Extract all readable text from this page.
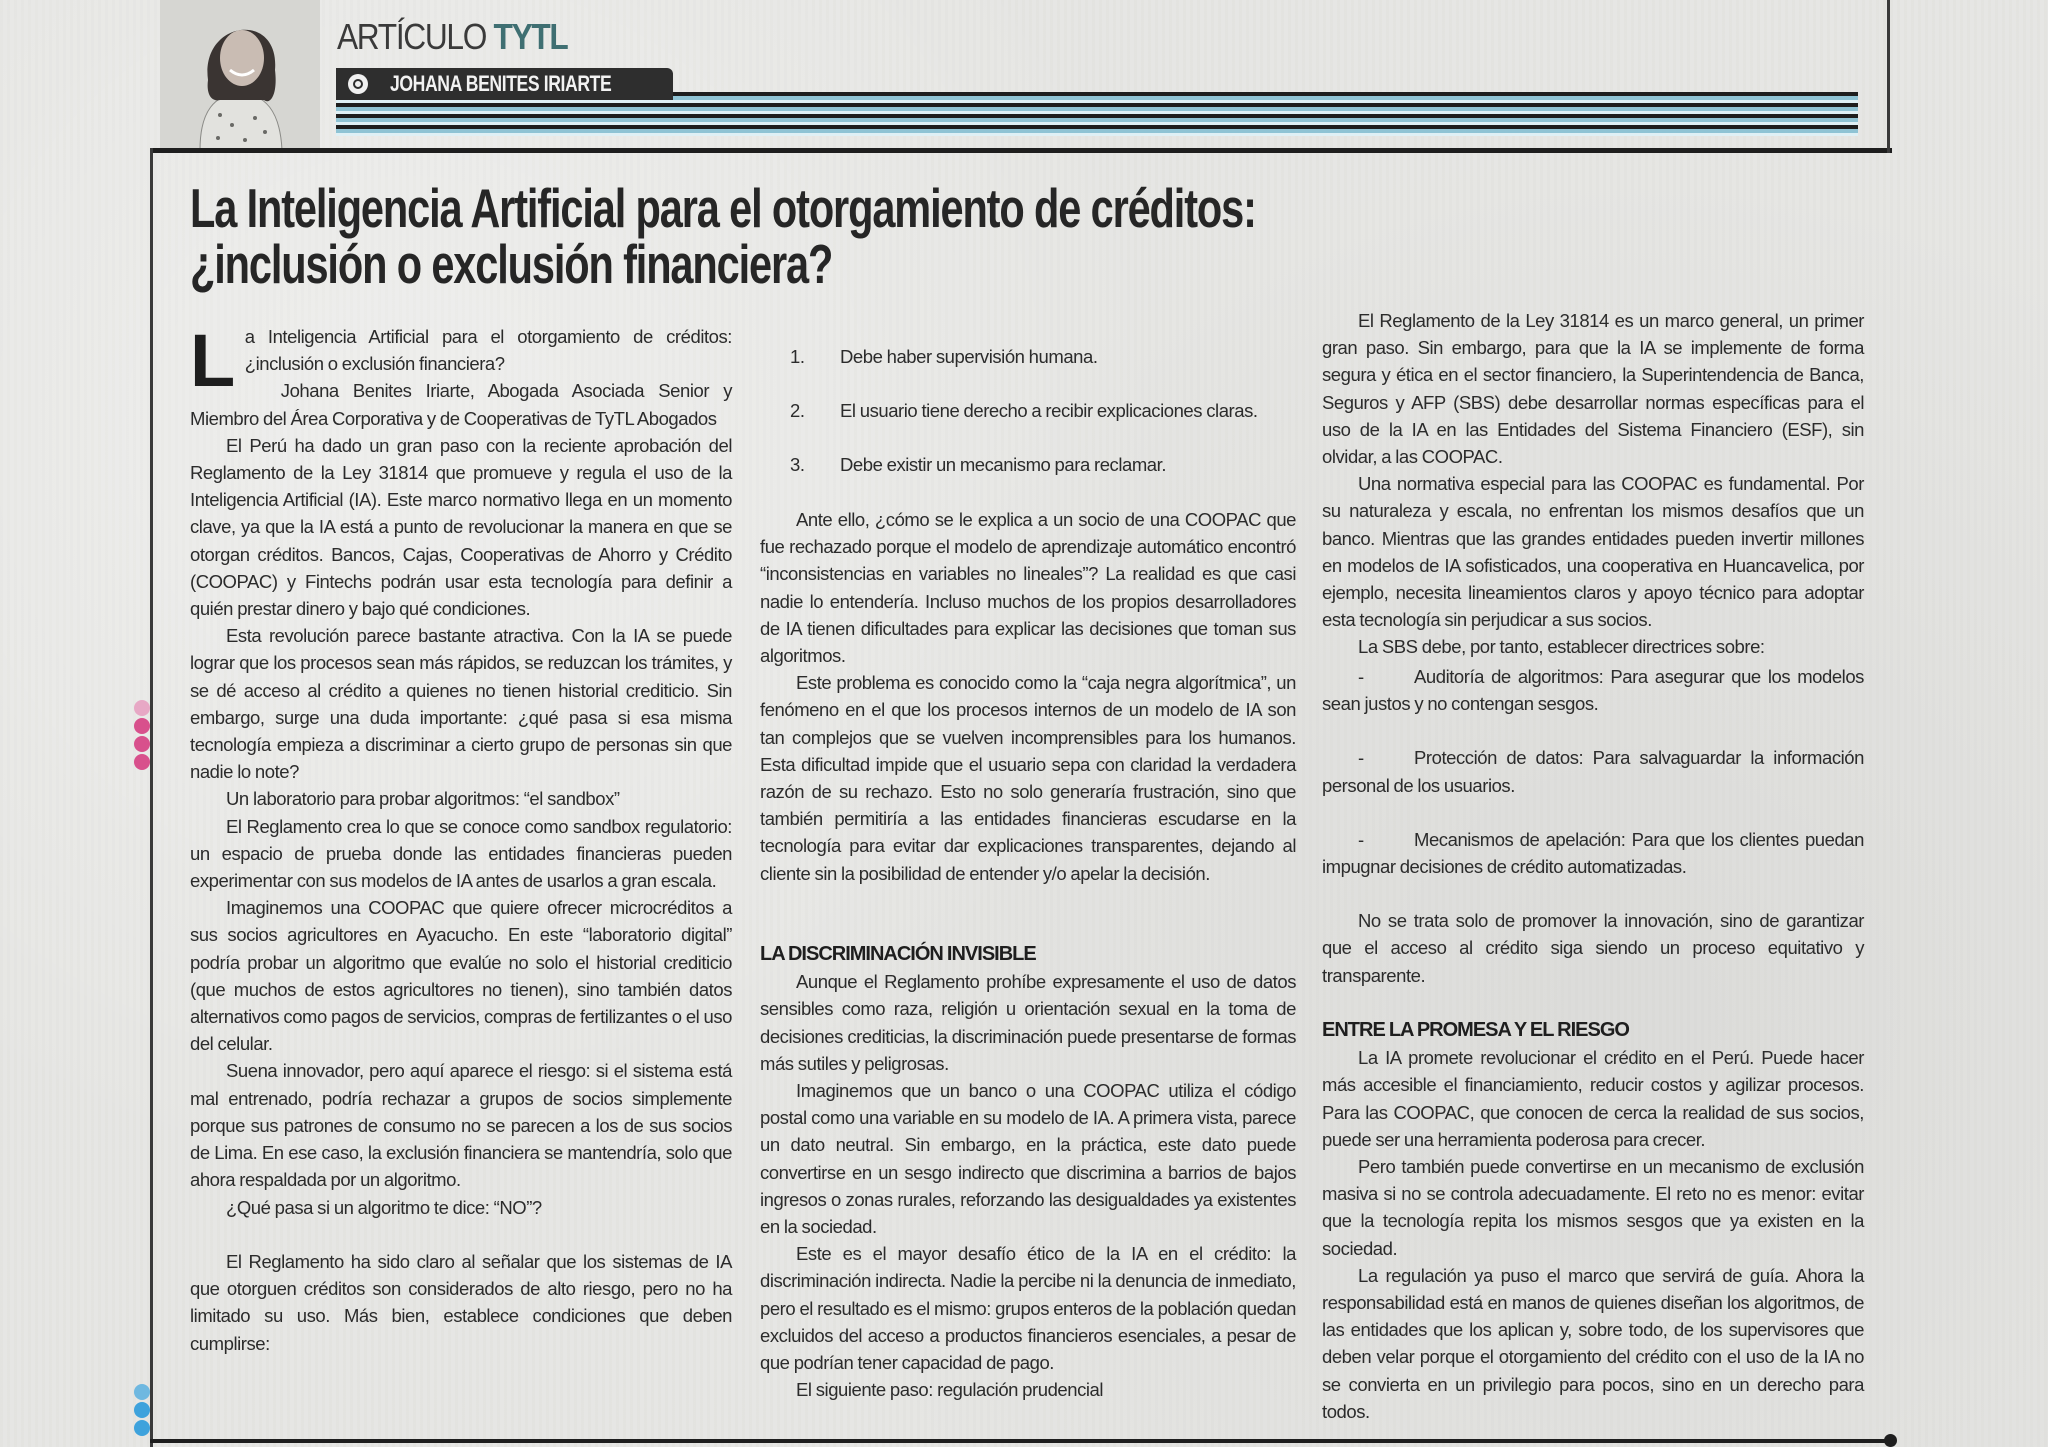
ARTÍCULO TYTL
JOHANA BENITES IRIARTE
La Inteligencia Artificial para el otorgamiento de créditos:
¿inclusión o exclusión financiera?
L a Inteligencia Artificial para el otorgamiento de créditos: ¿inclusión o exclusión financiera?

Johana Benites Iriarte, Abogada Asociada Senior y Miembro del Área Corporativa y de Cooperativas de TyTL Abogados

El Perú ha dado un gran paso con la reciente aprobación del Reglamento de la Ley 31814 que promueve y regula el uso de la Inteligencia Artificial (IA). Este marco normativo llega en un momento clave, ya que la IA está a punto de revolucionar la manera en que se otorgan créditos. Bancos, Cajas, Cooperativas de Ahorro y Crédito (COOPAC) y Fintechs podrán usar esta tecnología para definir a quién prestar dinero y bajo qué condiciones.

Esta revolución parece bastante atractiva. Con la IA se puede lograr que los procesos sean más rápidos, se reduzcan los trámites, y se dé acceso al crédito a quienes no tienen historial crediticio. Sin embargo, surge una duda importante: ¿qué pasa si esa misma tecnología empieza a discriminar a cierto grupo de personas sin que nadie lo note?

Un laboratorio para probar algoritmos: “el sandbox”

El Reglamento crea lo que se conoce como sandbox regulatorio: un espacio de prueba donde las entidades financieras pueden experimentar con sus modelos de IA antes de usarlos a gran escala.

Imaginemos una COOPAC que quiere ofrecer microcréditos a sus socios agricultores en Ayacucho. En este “laboratorio digital” podría probar un algoritmo que evalúe no solo el historial crediticio (que muchos de estos agricultores no tienen), sino también datos alternativos como pagos de servicios, compras de fertilizantes o el uso del celular.

Suena innovador, pero aquí aparece el riesgo: si el sistema está mal entrenado, podría rechazar a grupos de socios simplemente porque sus patrones de consumo no se parecen a los de sus socios de Lima. En ese caso, la exclusión financiera se mantendría, solo que ahora respaldada por un algoritmo.

¿Qué pasa si un algoritmo te dice: “NO”?

El Reglamento ha sido claro al señalar que los sistemas de IA que otorguen créditos son considerados de alto riesgo, pero no ha limitado su uso. Más bien, establece condiciones que deben cumplirse:

1.	Debe haber supervisión humana.
2.	El usuario tiene derecho a recibir explicaciones claras.
3.	Debe existir un mecanismo para reclamar.

Ante ello, ¿cómo se le explica a un socio de una COOPAC que fue rechazado porque el modelo de aprendizaje automático encontró “inconsistencias en variables no lineales”? La realidad es que casi nadie lo entendería. Incluso muchos de los propios desarrolladores de IA tienen dificultades para explicar las decisiones que toman sus algoritmos.

Este problema es conocido como la “caja negra algorítmica”, un fenómeno en el que los procesos internos de un modelo de IA son tan complejos que se vuelven incomprensibles para los humanos. Esta dificultad impide que el usuario sepa con claridad la verdadera razón de su rechazo. Esto no solo generaría frustración, sino que también permitiría a las entidades financieras escudarse en la tecnología para evitar dar explicaciones transparentes, dejando al cliente sin la posibilidad de entender y/o apelar la decisión.

LA DISCRIMINACIÓN INVISIBLE

Aunque el Reglamento prohíbe expresamente el uso de datos sensibles como raza, religión u orientación sexual en la toma de decisiones crediticias, la discriminación puede presentarse de formas más sutiles y peligrosas.

Imaginemos que un banco o una COOPAC utiliza el código postal como una variable en su modelo de IA. A primera vista, parece un dato neutral. Sin embargo, en la práctica, este dato puede convertirse en un sesgo indirecto que discrimina a barrios de bajos ingresos o zonas rurales, reforzando las desigualdades ya existentes en la sociedad.

Este es el mayor desafío ético de la IA en el crédito: la discriminación indirecta. Nadie la percibe ni la denuncia de inmediato, pero el resultado es el mismo: grupos enteros de la población quedan excluidos del acceso a productos financieros esenciales, a pesar de que podrían tener capacidad de pago.

El siguiente paso: regulación prudencial

El Reglamento de la Ley 31814 es un marco general, un primer gran paso. Sin embargo, para que la IA se implemente de forma segura y ética en el sector financiero, la Superintendencia de Banca, Seguros y AFP (SBS) debe desarrollar normas específicas para el uso de la IA en las Entidades del Sistema Financiero (ESF), sin olvidar, a las COOPAC.

Una normativa especial para las COOPAC es fundamental. Por su naturaleza y escala, no enfrentan los mismos desafíos que un banco. Mientras que las grandes entidades pueden invertir millones en modelos de IA sofisticados, una cooperativa en Huancavelica, por ejemplo, necesita lineamientos claros y apoyo técnico para adoptar esta tecnología sin perjudicar a sus socios.

La SBS debe, por tanto, establecer directrices sobre:

-	Auditoría de algoritmos: Para asegurar que los modelos sean justos y no contengan sesgos.

-	Protección de datos: Para salvaguardar la información personal de los usuarios.

-	Mecanismos de apelación: Para que los clientes puedan impugnar decisiones de crédito automatizadas.

No se trata solo de promover la innovación, sino de garantizar que el acceso al crédito siga siendo un proceso equitativo y transparente.

ENTRE LA PROMESA Y EL RIESGO

La IA promete revolucionar el crédito en el Perú. Puede hacer más accesible el financiamiento, reducir costos y agilizar procesos. Para las COOPAC, que conocen de cerca la realidad de sus socios, puede ser una herramienta poderosa para crecer.

Pero también puede convertirse en un mecanismo de exclusión masiva si no se controla adecuadamente. El reto no es menor: evitar que la tecnología repita los mismos sesgos que ya existen en la sociedad.

La regulación ya puso el marco que servirá de guía. Ahora la responsabilidad está en manos de quienes diseñan los algoritmos, de las entidades que los aplican y, sobre todo, de los supervisores que deben velar porque el otorgamiento del crédito con el uso de la IA no se convierta en un privilegio para pocos, sino en un derecho para todos.
